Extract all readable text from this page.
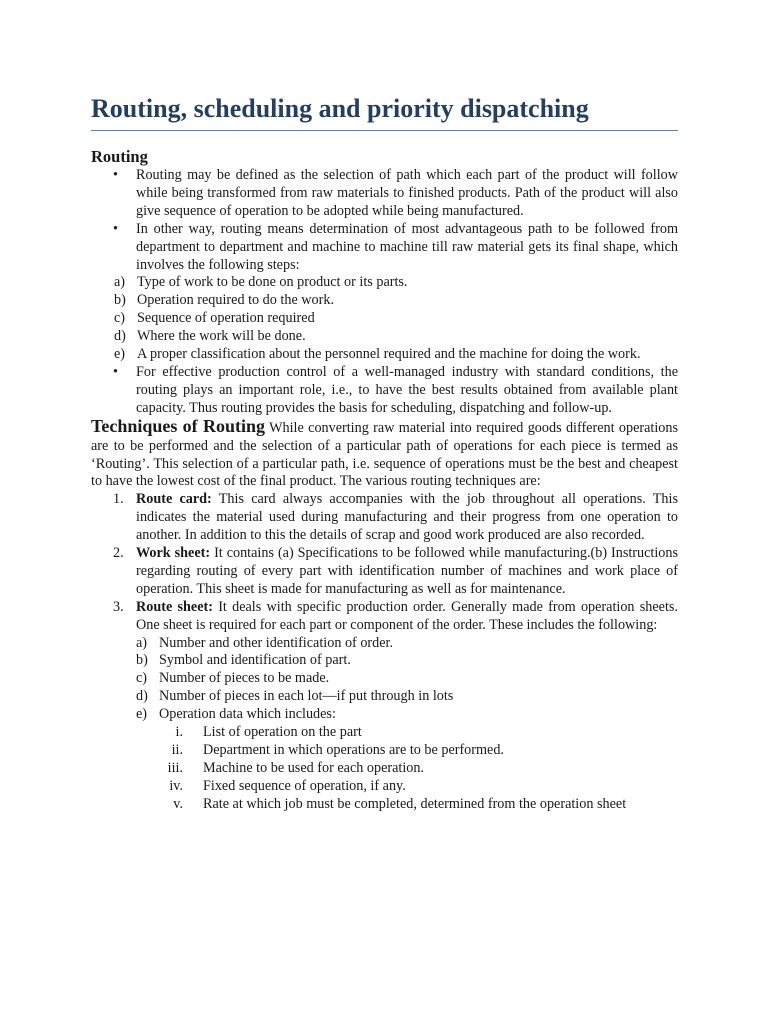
Routing, scheduling and priority dispatching
Routing
• Routing may be defined as the selection of path which each part of the product will follow while being transformed from raw materials to finished products. Path of the product will also give sequence of operation to be adopted while being manufactured.
• In other way, routing means determination of most advantageous path to be followed from department to department and machine to machine till raw material gets its final shape, which involves the following steps:
a) Type of work to be done on product or its parts.
b) Operation required to do the work.
c) Sequence of operation required
d) Where the work will be done.
e) A proper classification about the personnel required and the machine for doing the work.
• For effective production control of a well-managed industry with standard conditions, the routing plays an important role, i.e., to have the best results obtained from available plant capacity. Thus routing provides the basis for scheduling, dispatching and follow-up.

Techniques of Routing While converting raw material into required goods different operations are to be performed and the selection of a particular path of operations for each piece is termed as ‘Routing’. This selection of a particular path, i.e. sequence of operations must be the best and cheapest to have the lowest cost of the final product. The various routing techniques are:

1. Route card: This card always accompanies with the job throughout all operations. This indicates the material used during manufacturing and their progress from one operation to another. In addition to this the details of scrap and good work produced are also recorded.
2. Work sheet: It contains (a) Specifications to be followed while manufacturing.(b) Instructions regarding routing of every part with identification number of machines and work place of operation. This sheet is made for manufacturing as well as for maintenance.
3. Route sheet: It deals with specific production order. Generally made from operation sheets. One sheet is required for each part or component of the order. These includes the following:
a) Number and other identification of order.
b) Symbol and identification of part.
c) Number of pieces to be made.
d) Number of pieces in each lot—if put through in lots
e) Operation data which includes:
i. List of operation on the part
ii. Department in which operations are to be performed.
iii. Machine to be used for each operation.
iv. Fixed sequence of operation, if any.
v. Rate at which job must be completed, determined from the operation sheet
